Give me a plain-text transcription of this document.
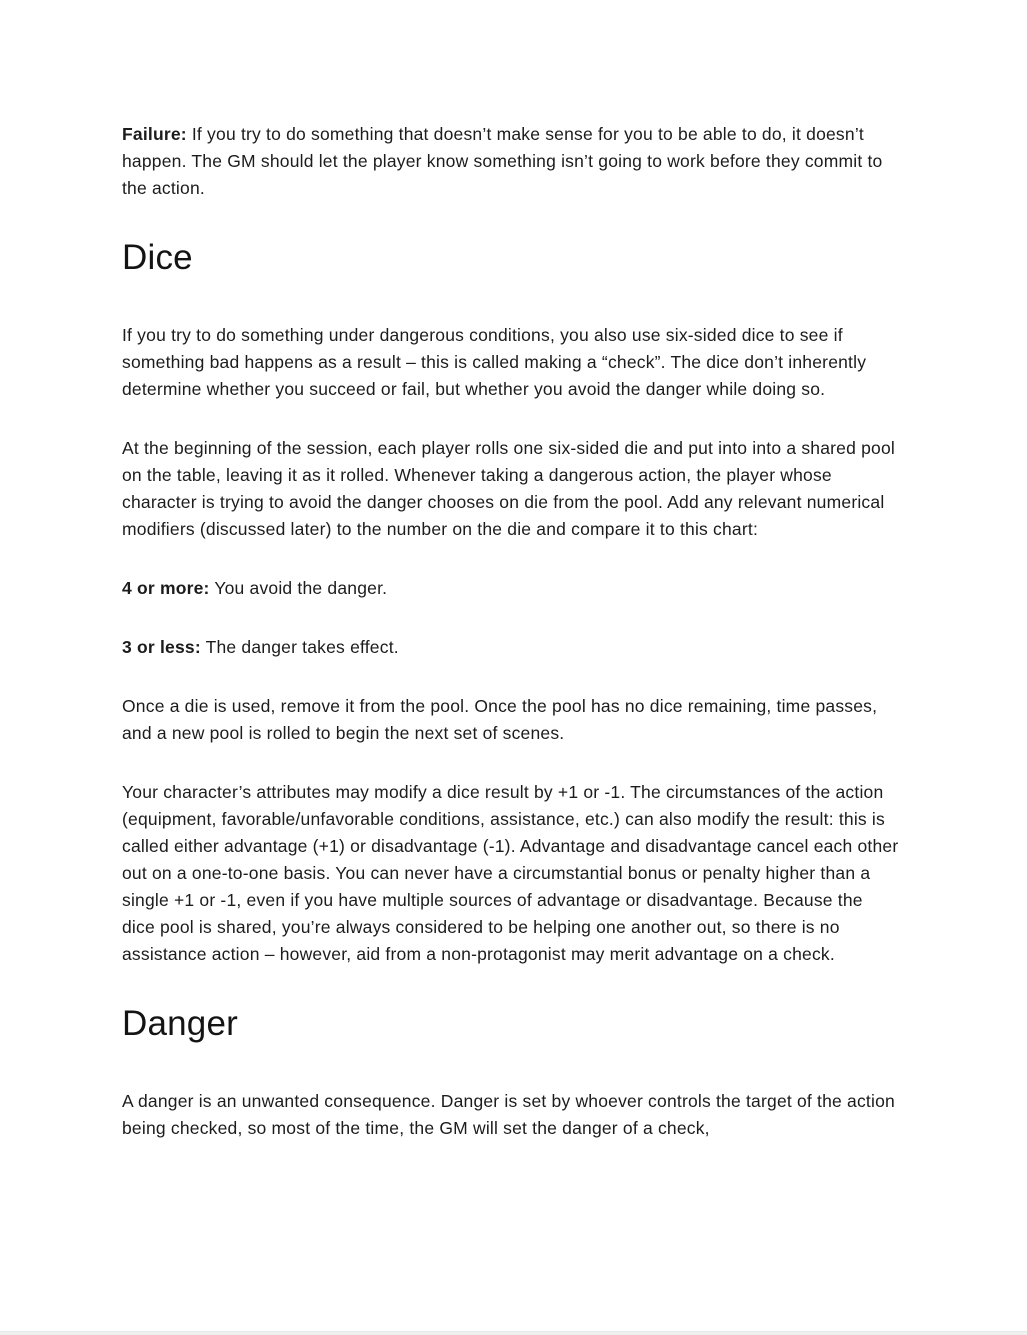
Failure: If you try to do something that doesn’t make sense for you to be able to do, it doesn’t happen. The GM should let the player know something isn’t going to work before they commit to the action.

Dice

If you try to do something under dangerous conditions, you also use six-sided dice to see if something bad happens as a result – this is called making a “check”. The dice don’t inherently determine whether you succeed or fail, but whether you avoid the danger while doing so.

At the beginning of the session, each player rolls one six-sided die and put into into a shared pool on the table, leaving it as it rolled. Whenever taking a dangerous action, the player whose character is trying to avoid the danger chooses on die from the pool. Add any relevant numerical modifiers (discussed later) to the number on the die and compare it to this chart:

4 or more: You avoid the danger.

3 or less: The danger takes effect.

Once a die is used, remove it from the pool. Once the pool has no dice remaining, time passes, and a new pool is rolled to begin the next set of scenes.

Your character’s attributes may modify a dice result by +1 or -1. The circumstances of the action (equipment, favorable/unfavorable conditions, assistance, etc.) can also modify the result: this is called either advantage (+1) or disadvantage (-1). Advantage and disadvantage cancel each other out on a one-to-one basis. You can never have a circumstantial bonus or penalty higher than a single +1 or -1, even if you have multiple sources of advantage or disadvantage. Because the dice pool is shared, you’re always considered to be helping one another out, so there is no assistance action – however, aid from a non-protagonist may merit advantage on a check.

Danger

A danger is an unwanted consequence. Danger is set by whoever controls the target of the action being checked, so most of the time, the GM will set the danger of a check,
